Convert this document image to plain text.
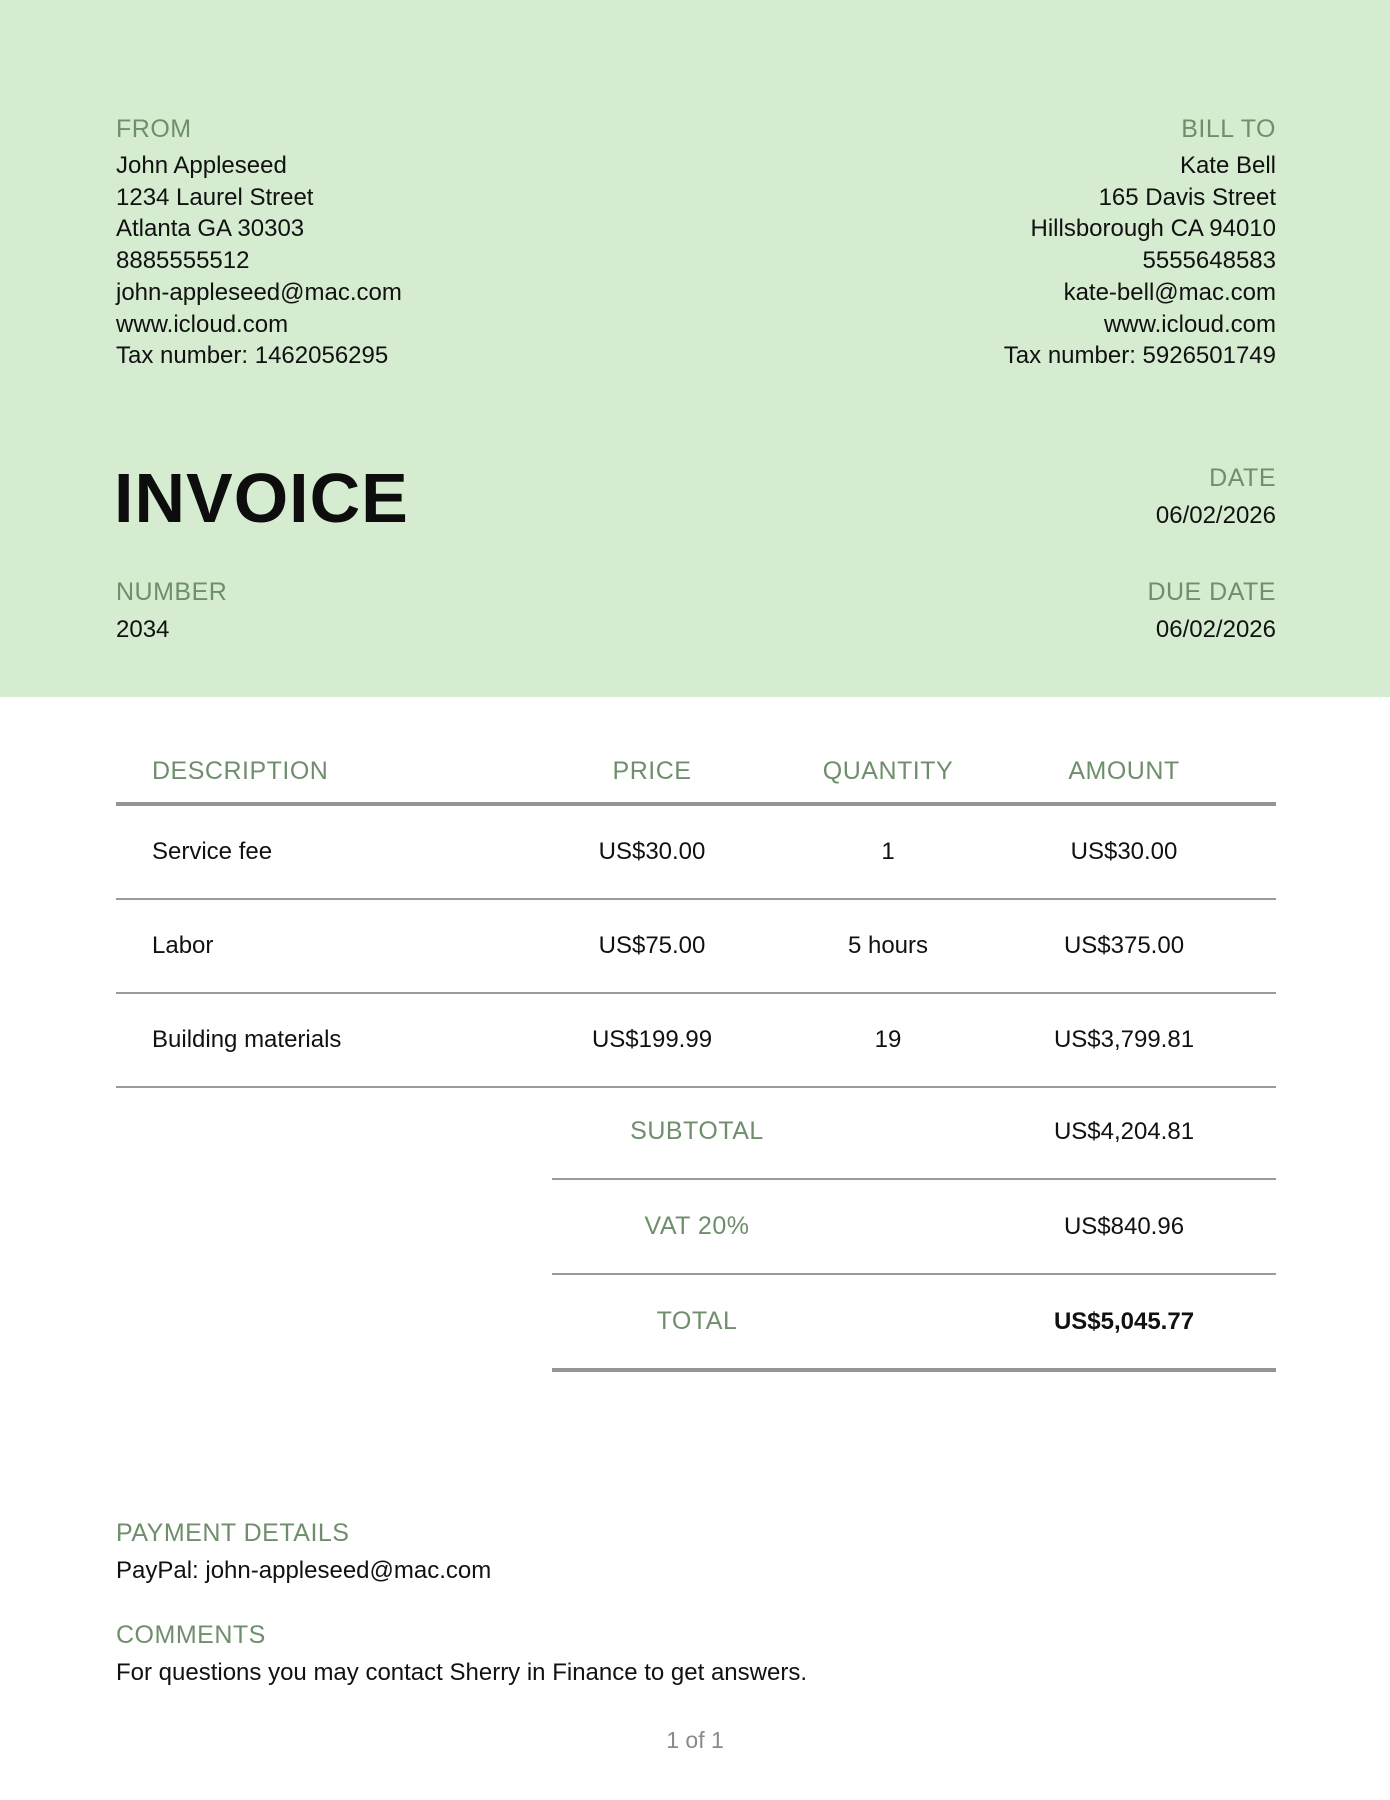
FROM
John Appleseed
1234 Laurel Street
Atlanta GA 30303
8885555512
john-appleseed@mac.com
www.icloud.com
Tax number: 1462056295
BILL TO
Kate Bell
165 Davis Street
Hillsborough CA 94010
5555648583
kate-bell@mac.com
www.icloud.com
Tax number: 5926501749
INVOICE
NUMBER
2034
DATE
06/02/2026
DUE DATE
06/02/2026
DESCRIPTION	PRICE	QUANTITY	AMOUNT
Service fee	US$30.00	1	US$30.00
Labor	US$75.00	5 hours	US$375.00
Building materials	US$199.99	19	US$3,799.81
SUBTOTAL	US$4,204.81
VAT 20%	US$840.96
TOTAL	US$5,045.77
PAYMENT DETAILS
PayPal: john-appleseed@mac.com
COMMENTS
For questions you may contact Sherry in Finance to get answers.
1 of 1
